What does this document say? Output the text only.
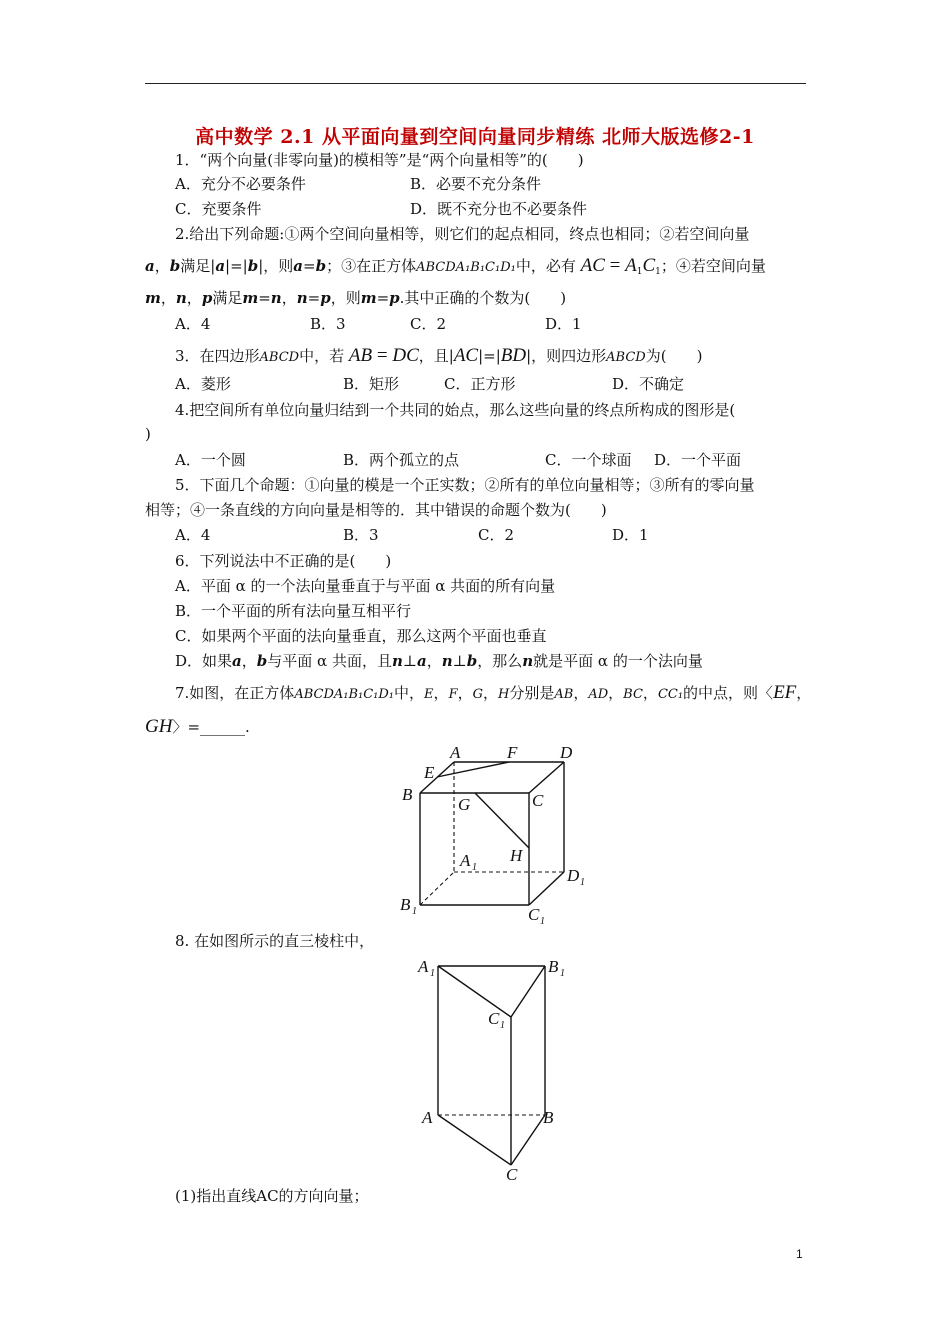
高中数学 2.1 从平面向量到空间向量同步精练 北师大版选修2-1
1．“两个向量(非零向量)的模相等”是“两个向量相等”的(　　)
A．充分不必要条件	B．必要不充分条件
C．充要条件	D．既不充分也不必要条件
2.给出下列命题:①两个空间向量相等，则它们的起点相同，终点也相同；②若空间向量
a，b满足|a|=|b|，则a=b；③在正方体ABCDA₁B₁C₁D₁中，必有 AC = $A_1C_1$；④若空间向量
m，n，p满足m=n，n=p，则m=p.其中正确的个数为(　　)
A．4	B．3	C．2	D．1
3．在四边形ABCD中，若 AB = DC，且|AC|=|BD|，则四边形ABCD为(　　)
A．菱形	B．矩形	C．正方形	D．不确定
4.把空间所有单位向量归结到一个共同的始点，那么这些向量的终点所构成的图形是(
)
A．一个圆	B．两个孤立的点	C．一个球面 D．一个平面
5．下面几个命题：①向量的模是一个正实数；②所有的单位向量相等；③所有的零向量
相等；④一条直线的方向向量是相等的．其中错误的命题个数为(　　)
A．4	B．3	C．2	D．1
6．下列说法中不正确的是(　　)
A．平面 α 的一个法向量垂直于与平面 α 共面的所有向量
B．一个平面的所有法向量互相平行
C．如果两个平面的法向量垂直，那么这两个平面也垂直
D．如果a，b与平面 α 共面，且n⊥a，n⊥b，那么n就是平面 α 的一个法向量
7.如图，在正方体ABCDA₁B₁C₁D₁中，E，F，G，H分别是AB，AD，BC，CC₁的中点，则〈EF，
GH〉=______.
A	F	D
E
B
G	C
H
A 1	D 1
B 1	C 1
8. 在如图所示的直三棱柱中，
A 1	B 1
C 1
A	B
C
(1)指出直线AC的方向向量；
1
